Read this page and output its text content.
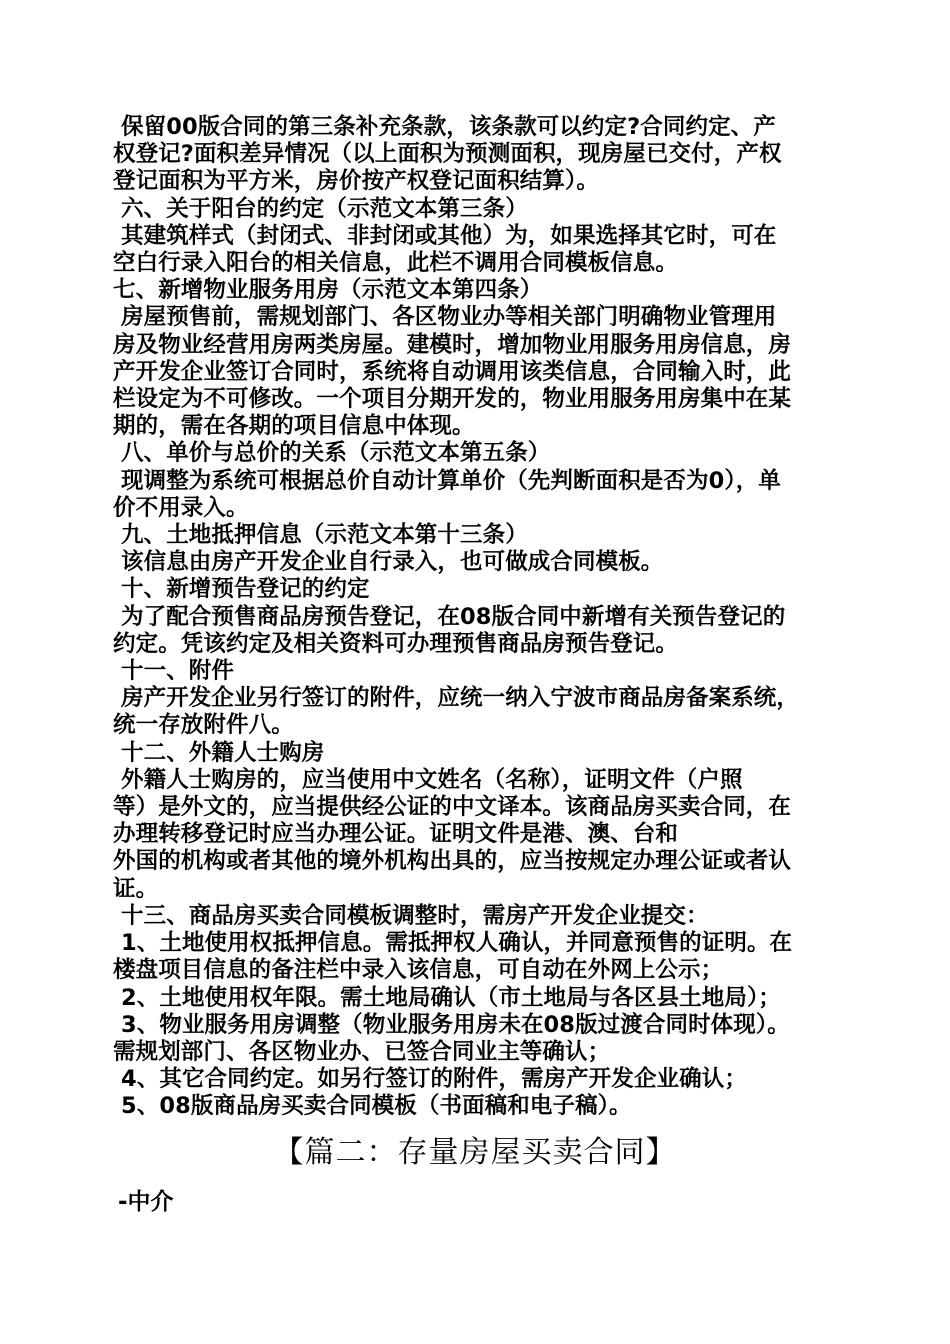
保留00版合同的第三条补充条款，该条款可以约定?合同约定、产

权登记?面积差异情况（以上面积为预测面积，现房屋已交付，产权

登记面积为平方米，房价按产权登记面积结算）。

六、关于阳台的约定（示范文本第三条）

其建筑样式（封闭式、非封闭或其他）为，如果选择其它时，可在

空白行录入阳台的相关信息，此栏不调用合同模板信息。

七、新增物业服务用房（示范文本第四条）

房屋预售前，需规划部门、各区物业办等相关部门明确物业管理用

房及物业经营用房两类房屋。建模时，增加物业用服务用房信息，房

产开发企业签订合同时，系统将自动调用该类信息，合同输入时，此

栏设定为不可修改。一个项目分期开发的，物业用服务用房集中在某

期的，需在各期的项目信息中体现。

八、单价与总价的关系（示范文本第五条）

现调整为系统可根据总价自动计算单价（先判断面积是否为0），单

价不用录入。

九、土地抵押信息（示范文本第十三条）

该信息由房产开发企业自行录入，也可做成合同模板。

十、新增预告登记的约定

为了配合预售商品房预告登记，在08版合同中新增有关预告登记的

约定。凭该约定及相关资料可办理预售商品房预告登记。

十一、附件

房产开发企业另行签订的附件，应统一纳入宁波市商品房备案系统，

统一存放附件八。

十二、外籍人士购房

外籍人士购房的，应当使用中文姓名（名称），证明文件（户照

等）是外文的，应当提供经公证的中文译本。该商品房买卖合同，在

办理转移登记时应当办理公证。证明文件是港、澳、台和

外国的机构或者其他的境外机构出具的，应当按规定办理公证或者认

证。

十三、商品房买卖合同模板调整时，需房产开发企业提交：

1、土地使用权抵押信息。需抵押权人确认，并同意预售的证明。在

楼盘项目信息的备注栏中录入该信息，可自动在外网上公示；

2、土地使用权年限。需土地局确认（市土地局与各区县土地局）；

3、物业服务用房调整（物业服务用房未在08版过渡合同时体现）。

需规划部门、各区物业办、已签合同业主等确认；

4、其它合同约定。如另行签订的附件，需房产开发企业确认；

5、08版商品房买卖合同模板（书面稿和电子稿）。

【篇二：存量房屋买卖合同】
-中介
